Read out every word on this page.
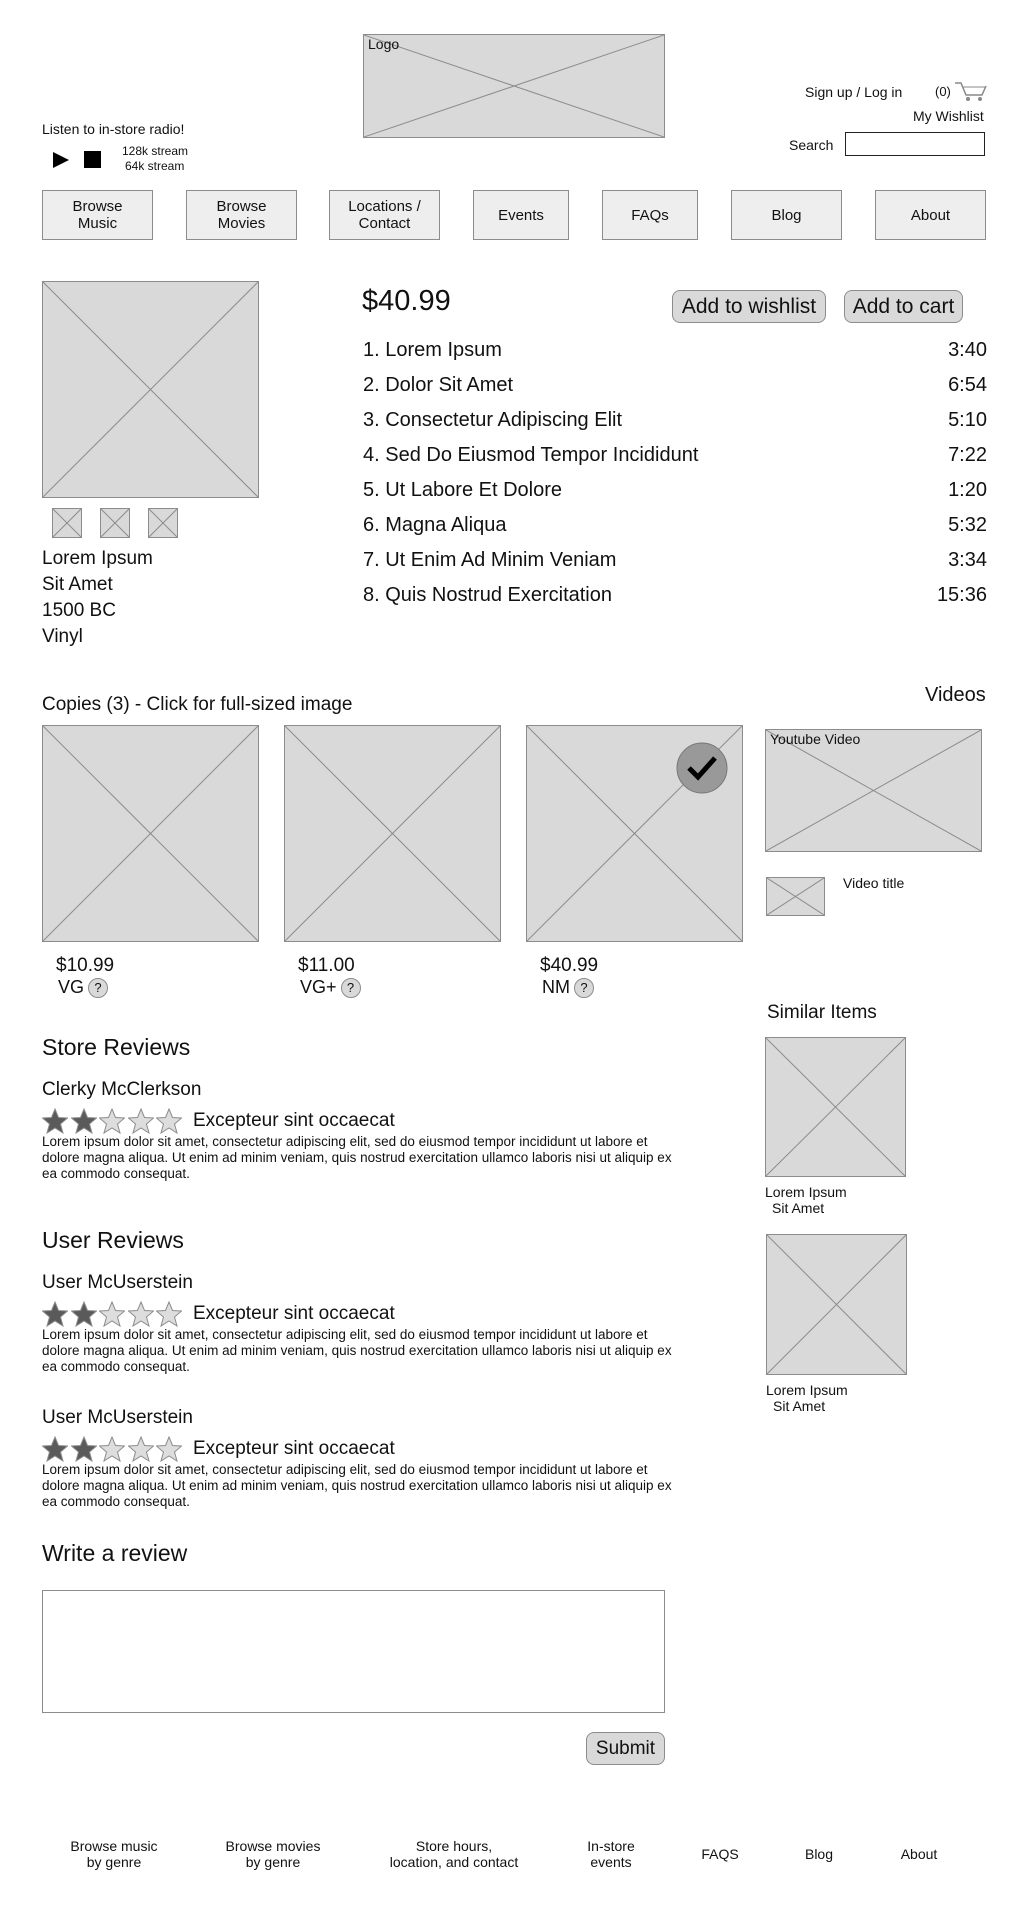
Logo
Listen to in-store radio!
128k stream
64k stream
Sign up / Log in	(0)
My Wishlist
Search
Browse
Music
Browse
Movies
Locations /
Contact	Events	FAQs	Blog	About
Lorem Ipsum
Sit Amet
1500 BC
Vinyl
$40.99	Add to wishlist	Add to cart
1. Lorem Ipsum	3:40
2. Dolor Sit Amet	6:54
3. Consectetur Adipiscing Elit	5:10
4. Sed Do Eiusmod Tempor Incididunt	7:22
5. Ut Labore Et Dolore	1:20
6. Magna Aliqua	5:32
7. Ut Enim Ad Minim Veniam	3:34
8. Quis Nostrud Exercitation	15:36
Copies (3) - Click for full-sized image	Videos
$10.99
VG ?
$11.00
VG+ ?
$40.99
NM ?
Youtube Video
Video title
Similar Items
Lorem Ipsum
Sit Amet
Lorem Ipsum
Sit Amet
Store Reviews
Clerky McClerkson
Excepteur sint occaecat
Lorem ipsum dolor sit amet, consectetur adipiscing elit, sed do eiusmod tempor incididunt ut labore et dolore magna aliqua. Ut enim ad minim veniam, quis nostrud exercitation ullamco laboris nisi ut aliquip ex ea commodo consequat.
User Reviews
User McUserstein
Excepteur sint occaecat
Lorem ipsum dolor sit amet, consectetur adipiscing elit, sed do eiusmod tempor incididunt ut labore et dolore magna aliqua. Ut enim ad minim veniam, quis nostrud exercitation ullamco laboris nisi ut aliquip ex ea commodo consequat.
User McUserstein
Excepteur sint occaecat
Lorem ipsum dolor sit amet, consectetur adipiscing elit, sed do eiusmod tempor incididunt ut labore et dolore magna aliqua. Ut enim ad minim veniam, quis nostrud exercitation ullamco laboris nisi ut aliquip ex ea commodo consequat.
Write a review
Submit
Browse music
by genre
Browse movies
by genre
Store hours,
location, and contact
In-store
events	FAQS	Blog	About
